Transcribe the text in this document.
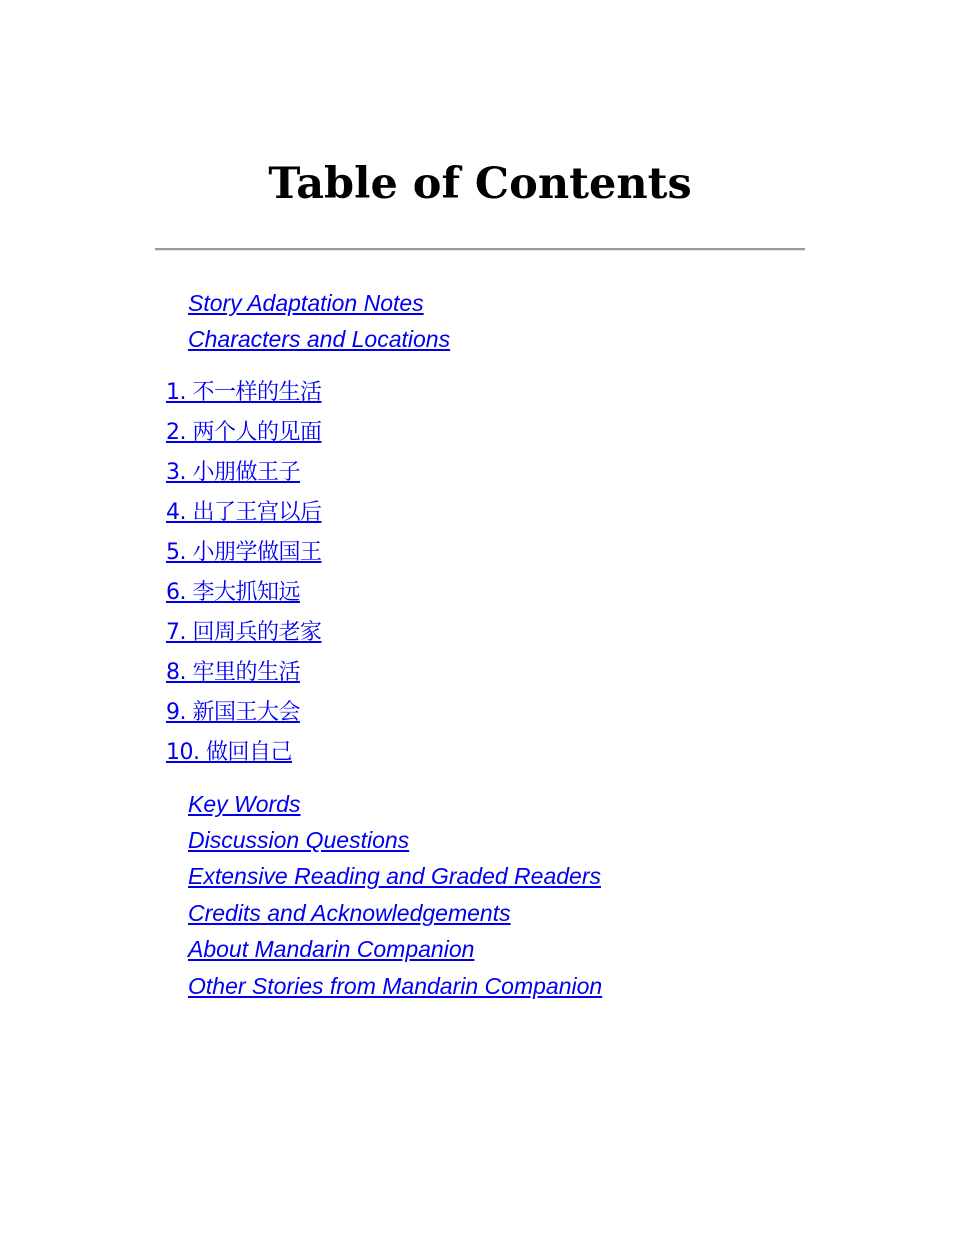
Table of Contents
Story Adaptation Notes
Characters and Locations
1. 不一样的生活
2. 两个人的见面
3. 小朋做王子
4. 出了王宫以后
5. 小朋学做国王
6. 李大抓知远
7. 回周兵的老家
8. 牢里的生活
9. 新国王大会
10. 做回自己
Key Words
Discussion Questions
Extensive Reading and Graded Readers
Credits and Acknowledgements
About Mandarin Companion
Other Stories from Mandarin Companion
